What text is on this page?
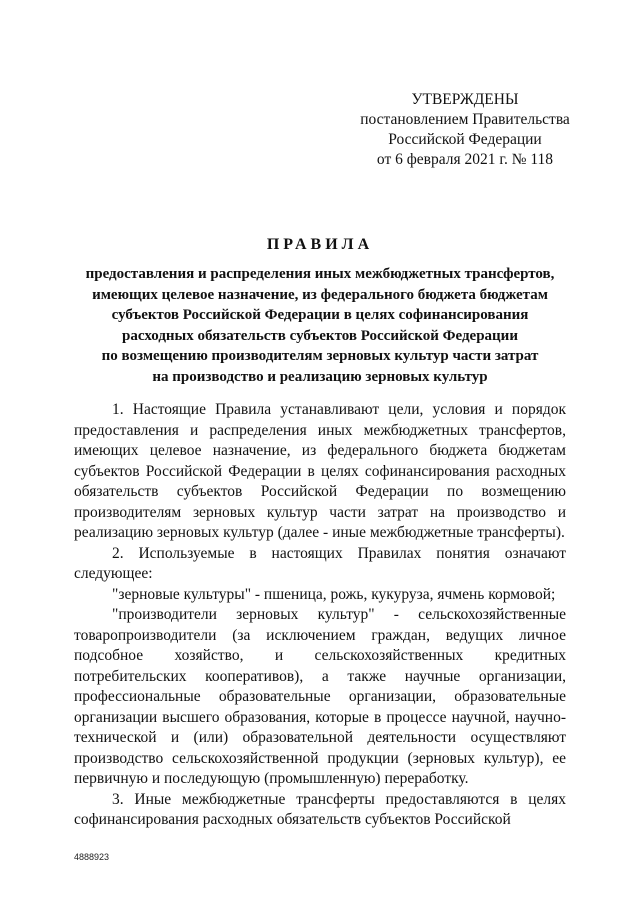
УТВЕРЖДЕНЫ
постановлением Правительства
Российской Федерации
от 6 февраля 2021 г. № 118
ПРАВИЛА
предоставления и распределения иных межбюджетных трансфертов,
имеющих целевое назначение, из федерального бюджета бюджетам
субъектов Российской Федерации в целях софинансирования
расходных обязательств субъектов Российской Федерации
по возмещению производителям зерновых культур части затрат
на производство и реализацию зерновых культур

1. Настоящие Правила устанавливают цели, условия и порядок предоставления и распределения иных межбюджетных трансфертов, имеющих целевое назначение, из федерального бюджета бюджетам субъектов Российской Федерации в целях софинансирования расходных обязательств субъектов Российской Федерации по возмещению производителям зерновых культур части затрат на производство и реализацию зерновых культур (далее - иные межбюджетные трансферты).

2. Используемые в настоящих Правилах понятия означают следующее:

"зерновые культуры" - пшеница, рожь, кукуруза, ячмень кормовой;

"производители зерновых культур" - сельскохозяйственные товаропроизводители (за исключением граждан, ведущих личное подсобное хозяйство, и сельскохозяйственных кредитных потребительских кооперативов), а также научные организации, профессиональные образовательные организации, образовательные организации высшего образования, которые в процессе научной, научно-технической и (или) образовательной деятельности осуществляют производство сельскохозяйственной продукции (зерновых культур), ее первичную и последующую (промышленную) переработку.

3. Иные межбюджетные трансферты предоставляются в целях софинансирования расходных обязательств субъектов Российской

4888923
